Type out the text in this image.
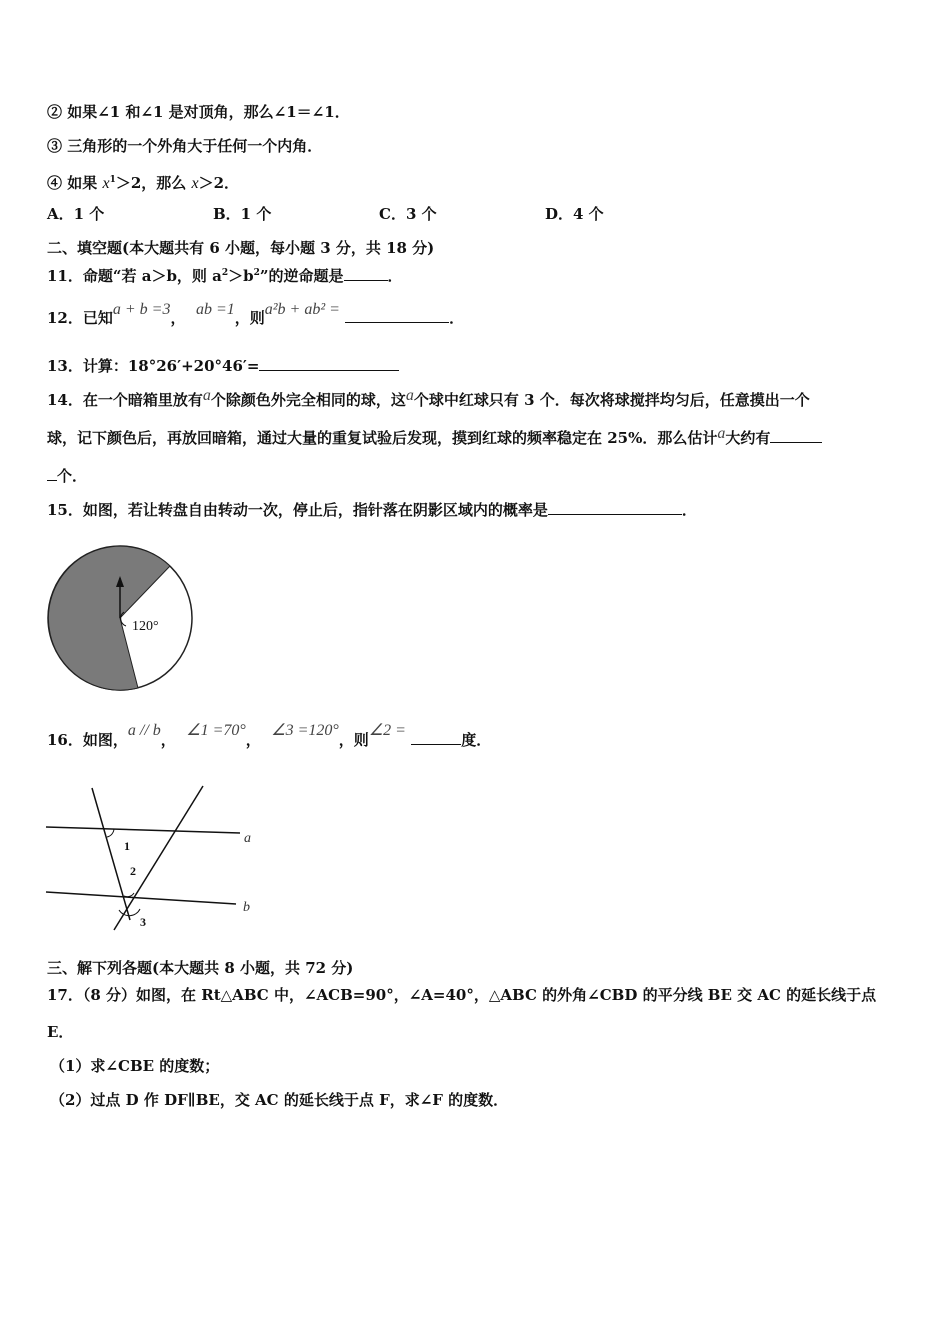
② 如果∠1 和∠1 是对顶角，那么∠1＝∠1．
③ 三角形的一个外角大于任何一个内角．
④ 如果 $x^1>2$，那么 x＞2．
A．1 个	B．1 个	C．3 个	D．4 个
二、填空题(本大题共有 6 小题，每小题 3 分，共 18 分)
11．命题“若 a＞b，则 $a^2>b^2$”的逆命题是	．
12．已知a + b =3， ab =1，则a²b + ab² =	．
13．计算：18°26′+20°46′=
14．在一个暗箱里放有a个除颜色外完全相同的球，这a个球中红球只有 3 个．每次将球搅拌均匀后，任意摸出一个
球，记下颜色后，再放回暗箱，通过大量的重复试验后发现，摸到红球的频率稳定在 25%．那么估计a大约有
个．
15．如图，若让转盘自由转动一次，停止后，指针落在阴影区域内的概率是	．
120°
16．如图，a // b，  ∠1 =70°，  ∠3 =120°，则∠2 = 度．
a
b
1
2
3
三、解下列各题(本大题共 8 小题，共 72 分)
17．（8 分）如图，在 Rt△ABC 中，∠ACB=90°，∠A=40°，△ABC 的外角∠CBD 的平分线 BE 交 AC 的延长线于点
E．
（1）求∠CBE 的度数；
（2）过点 D 作 DF∥BE，交 AC 的延长线于点 F，求∠F 的度数．
